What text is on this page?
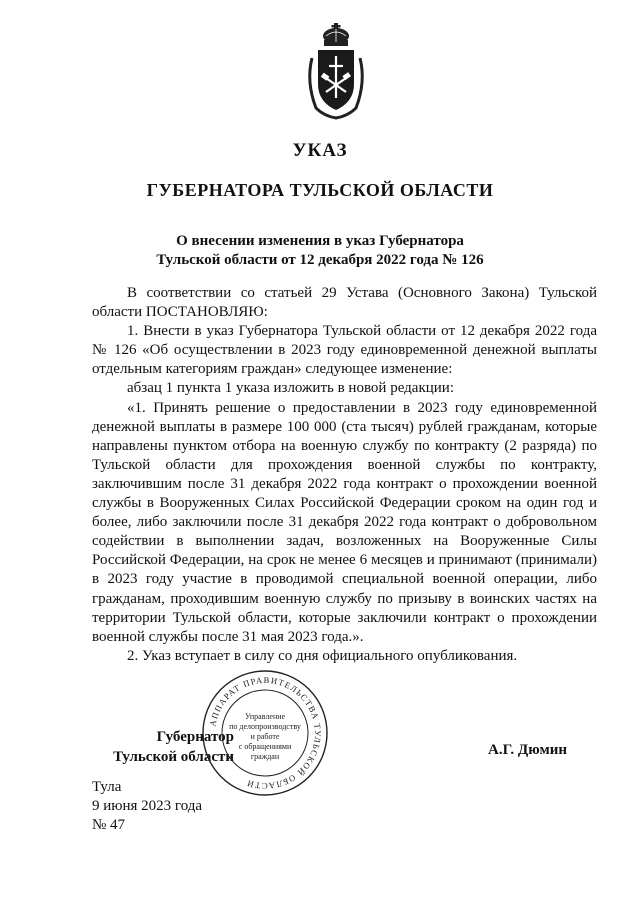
УКАЗ
ГУБЕРНАТОРА ТУЛЬСКОЙ ОБЛАСТИ
О внесении изменения в указ Губернатора
Тульской области от 12 декабря 2022 года № 126

В соответствии со статьей 29 Устава (Основного Закона) Тульской области ПОСТАНОВЛЯЮ:

1. Внести в указ Губернатора Тульской области от 12 декабря 2022 года № 126 «Об осуществлении в 2023 году единовременной денежной выплаты отдельным категориям граждан» следующее изменение:

абзац 1 пункта 1 указа изложить в новой редакции:

«1. Принять решение о предоставлении в 2023 году единовременной денежной выплаты в размере 100 000 (ста тысяч) рублей гражданам, которые направлены пунктом отбора на военную службу по контракту (2 разряда) по Тульской области для прохождения военной службы по контракту, заключившим после 31 декабря 2022 года контракт о прохождении военной службы в Вооруженных Силах Российской Федерации сроком на один год и более, либо заключили после 31 декабря 2022 года контракт о добровольном содействии в выполнении задач, возложенных на Вооруженные Силы Российской Федерации, на срок не менее 6 месяцев и принимают (принимали) в 2023 году участие в проводимой специальной военной операции, либо гражданам, проходившим военную службу по призыву в воинских частях на территории Тульской области, которые заключили контракт о прохождении военной службы после 31 мая 2023 года.».

2. Указ вступает в силу со дня официального опубликования.

Губернатор
Тульской области
АППАРАТ ПРАВИТЕЛЬСТВА ТУЛЬСКОЙ ОБЛАСТИ
Управление
по делопроизводству
и работе
с обращениями
граждан	А.Г. Дюмин
Тула
9 июня 2023 года
№ 47
